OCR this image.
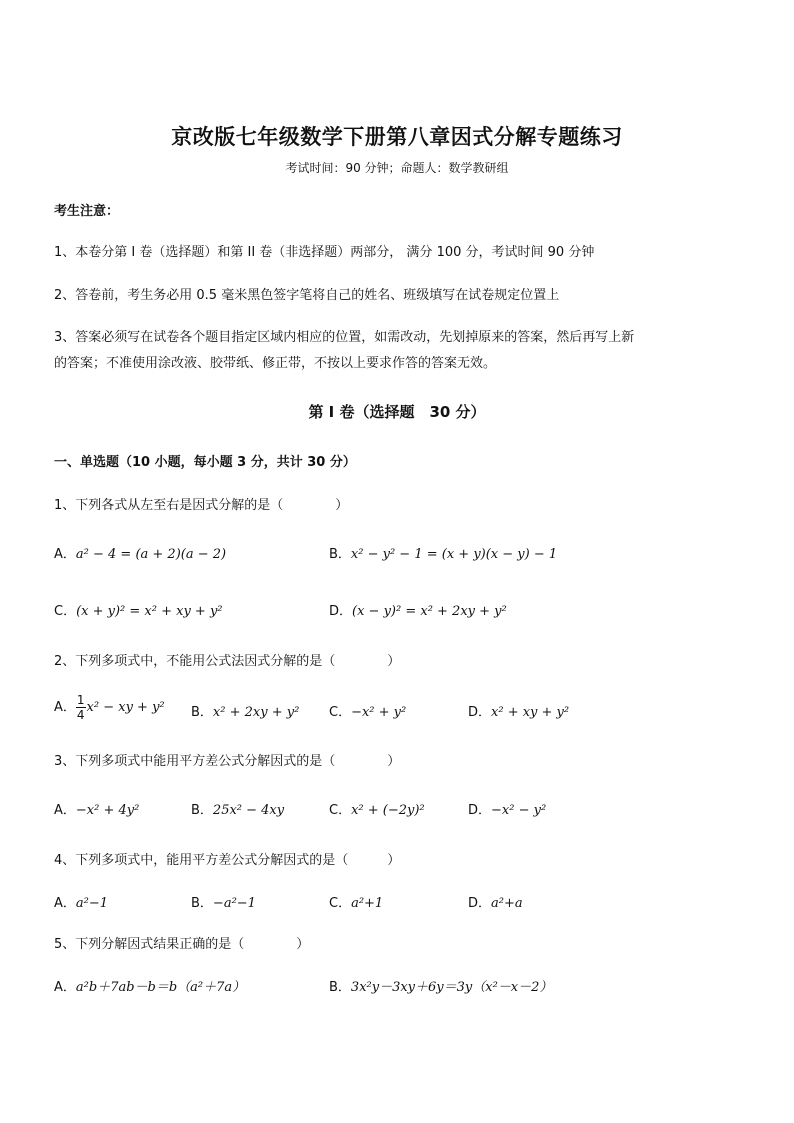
京改版七年级数学下册第八章因式分解专题练习
考试时间：90 分钟；命题人：数学教研组
考生注意：
1、本卷分第 I 卷（选择题）和第 II 卷（非选择题）两部分， 满分 100 分，考试时间 90 分钟
2、答卷前，考生务必用 0.5 毫米黑色签字笔将自己的姓名、班级填写在试卷规定位置上
3、答案必须写在试卷各个题目指定区域内相应的位置，如需改动，先划掉原来的答案，然后再写上新
的答案；不准使用涂改液、胶带纸、修正带，不按以上要求作答的答案无效。
第 I 卷（选择题　30 分）
一、单选题（10 小题，每小题 3 分，共计 30 分）
1、下列各式从左至右是因式分解的是（　　　　）
A．a² − 4 = (a + 2)(a − 2)	B．x² − y² − 1 = (x + y)(x − y) − 1
C．(x + y)² = x² + xy + y²	D．(x − y)² = x² + 2xy + y²
2、下列多项式中，不能用公式法因式分解的是（　　　　）
A． $\frac{1}{4} x^2$ − xy + y² B．x² + 2xy + y² C．−x² + y²	D．x² + xy + y²
3、下列多项式中能用平方差公式分解因式的是（　　　　）
A．−x² + 4y²	B．25x² − 4xy	C．x² + (−2y)²	D．−x² − y²
4、下列多项式中，能用平方差公式分解因式的是（　　　）
A．a²−1	B．−a²−1	C．a²+1	D．a²+a
5、下列分解因式结果正确的是（　　　　）
A．a²b＋7ab－b＝b（a²＋7a）	B．3x²y－3xy＋6y＝3y（x²－x－2）
